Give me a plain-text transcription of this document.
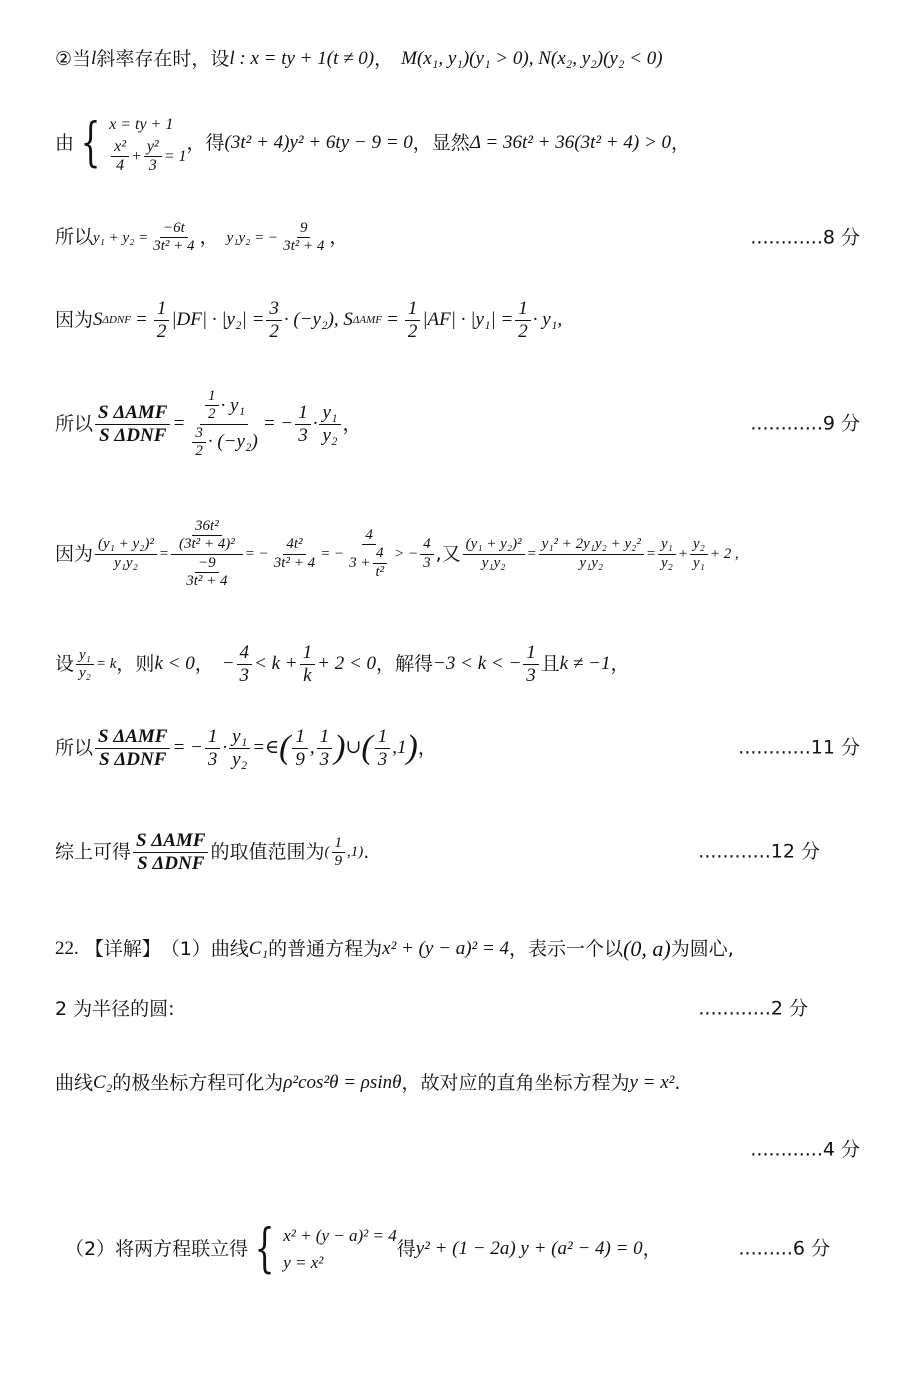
②当 l 斜率存在时，设 l : x = ty + 1(t ≠ 0) ， M(x₁, y₁)(y₁ > 0), N(x₂, y₂)(y₂ < 0)
由 { x = ty + 1
$\frac{\text{x²}}{4} + \frac{\text{y²}}{3} = 1$
，得 (3t² + 4)y² + 6ty − 9 = 0 ，显然 Δ = 36t² + 36(3t² + 4) > 0 ，
所以 $y_1 + y_2 = \frac{-6t}{\text{3t² + 4}}$ ， y₁y₂ = − $\frac{9}{\text{3t² + 4}}$ ，	............8 分
因为 S $\Delta DNF = \frac{1}{2} |DF| \cdot |y_2| = \frac{3}{2} \cdot (-y_2)$, S $\Delta AMF = \frac{1}{2} |AF| \cdot |y_1| = \frac{1}{2} \cdot y_1$,
所以 $\frac{\text{S ΔAMF}}{\text{S ΔDNF}} = \frac{\frac{1}{2} \cdot y_1}{\frac{3}{2} \cdot (-y_2)}$ = − $\frac{1}{3} \cdot \frac{\text{y₁}}{\text{y₂}}$ ，	............9 分
因为 $\frac{\text{(y₁ + y₂)²}}{\text{y₁y₂}} = \frac{\frac{\text{36t²}}{\text{(3t² + 4)²}}}{\frac{-9}{\text{3t² + 4}}}$ = − $\frac{\text{4t²}}{\text{3t² + 4}}$ = − $\frac{4}{3 + \frac{4}{\text{t²}}}$ > − $\frac{4}{3}$ ,又 $\frac{\text{(y₁ + y₂)²}}{\text{y₁y₂}} = \frac{\text{y₁² + 2y₁y₂ + y₂²}}{\text{y₁y₂}} = \frac{\text{y₁}}{\text{y₂}} + \frac{\text{y₂}}{\text{y₁}} + 2$ ,
设 $\frac{\text{y₁}}{\text{y₂}} = k$ ，则 k < 0 ， − $\frac{4}{3} < k + \frac{1}{k} + 2 < 0$ ，解得 −3 < k < − $\frac{1}{3}$ 且 k ≠ −1 ，
所以 $\frac{\text{S ΔAMF}}{\text{S ΔDNF}}$ = − $\frac{1}{3} \cdot \frac{\text{y₁}}{\text{y₂}}$ =∈ ( $\frac{1}{9}$ , $\frac{1}{3}$ ) ∪ ( $\frac{1}{3} ,1$ ) ，	............11 分
综上可得 $\frac{\text{S ΔAMF}}{\text{S ΔDNF}}$ 的取值范围为 ( $\frac{1}{9} ,1$) .	............12 分
22. 【详解】 （1）曲线 C₁ 的普通方程为 x² + (y − a)² = 4 ，表示一个以 (0, a) 为圆心,
2 为半径的圆:	............2 分
曲线 C₂ 的极坐标方程可化为 ρ²cos²θ = ρsinθ ，故对应的直角坐标方程为 y = x² .
............4 分
（2）将两方程联立得 { x² + (y − a)² = 4
y = x²
得 y² + (1 − 2a) y + (a² − 4) = 0 ，	.........6 分
